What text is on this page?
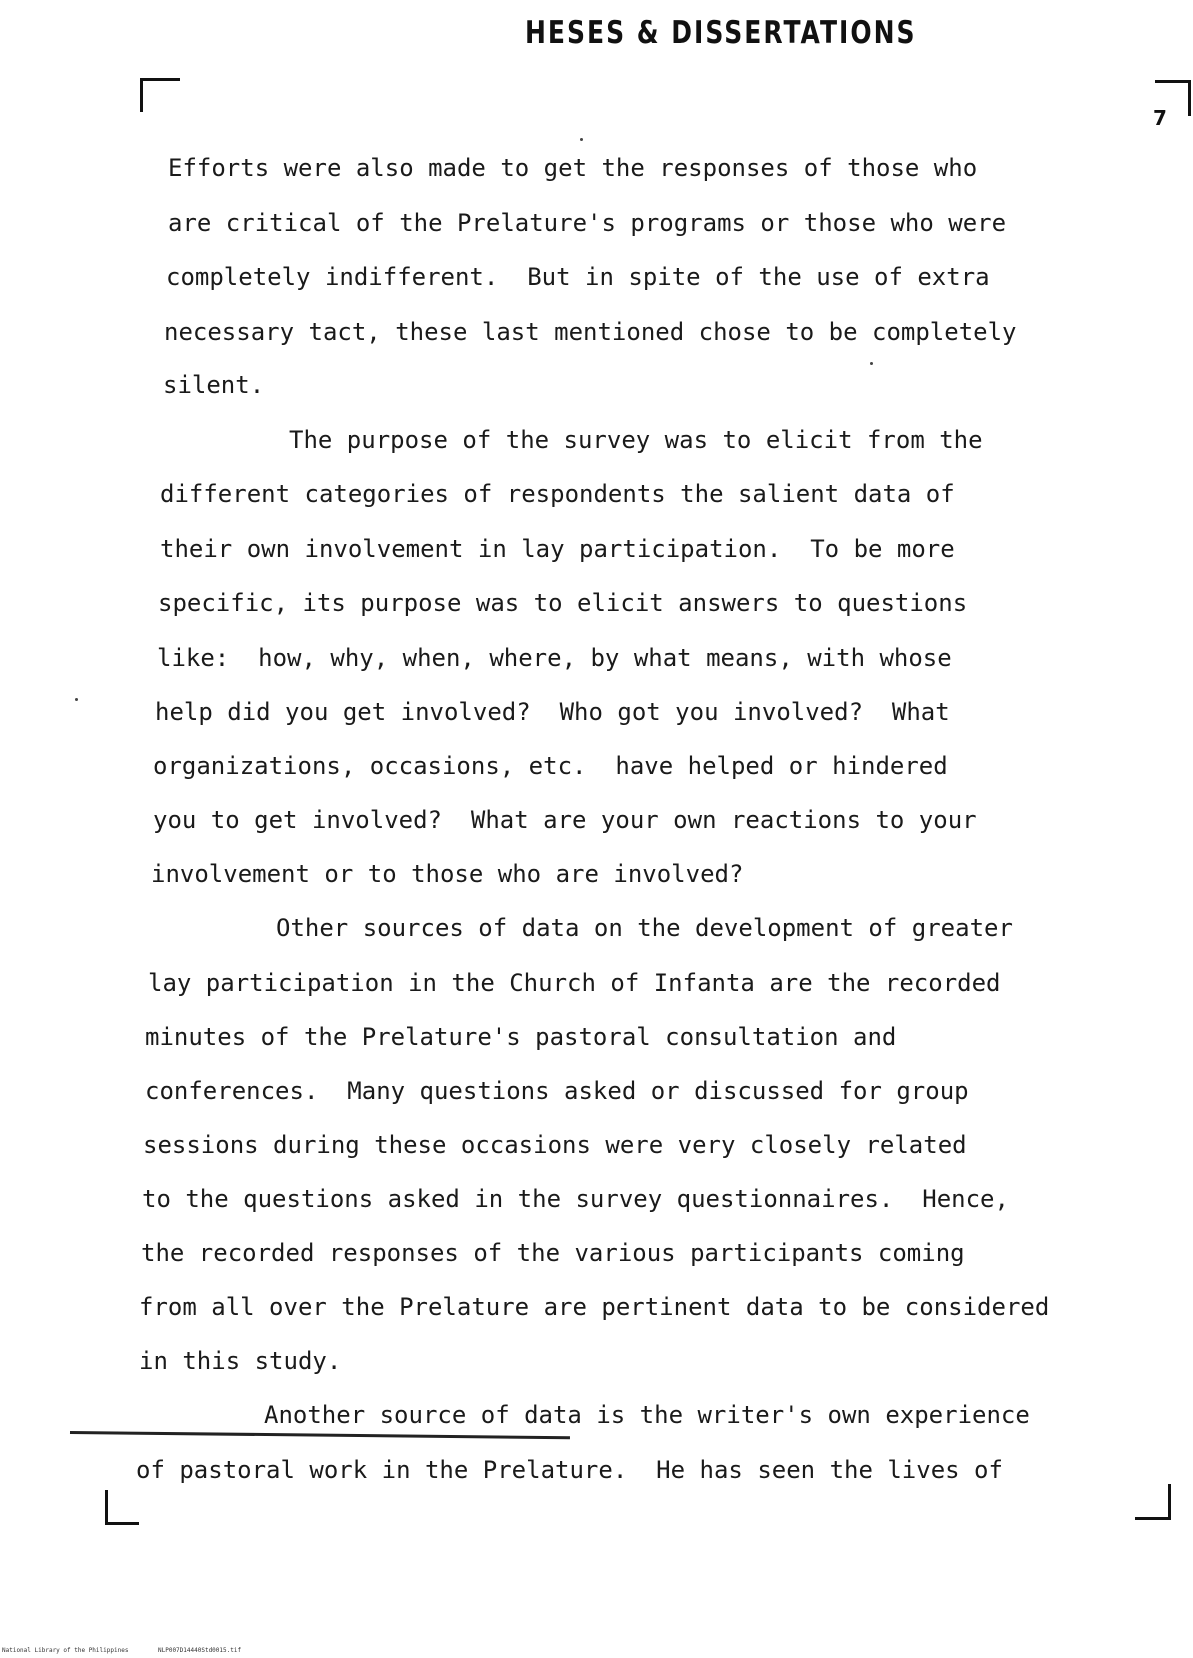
HESES & DISSERTATIONS
7
Efforts were also made to get the responses of those who
are critical of the Prelature's programs or those who were
completely indifferent.  But in spite of the use of extra
necessary tact, these last mentioned chose to be completely
silent.
The purpose of the survey was to elicit from the
different categories of respondents the salient data of
their own involvement in lay participation.  To be more
specific, its purpose was to elicit answers to questions
like:  how, why, when, where, by what means, with whose
help did you get involved?  Who got you involved?  What
organizations, occasions, etc.  have helped or hindered
you to get involved?  What are your own reactions to your
involvement or to those who are involved?
Other sources of data on the development of greater
lay participation in the Church of Infanta are the recorded
minutes of the Prelature's pastoral consultation and
conferences.  Many questions asked or discussed for group
sessions during these occasions were very closely related
to the questions asked in the survey questionnaires.  Hence,
the recorded responses of the various participants coming
from all over the Prelature are pertinent data to be considered
in this study.
Another source of data is the writer's own experience
of pastoral work in the Prelature.  He has seen the lives of
National Library of the Philippines	NLP007D14440Std0015.tif
